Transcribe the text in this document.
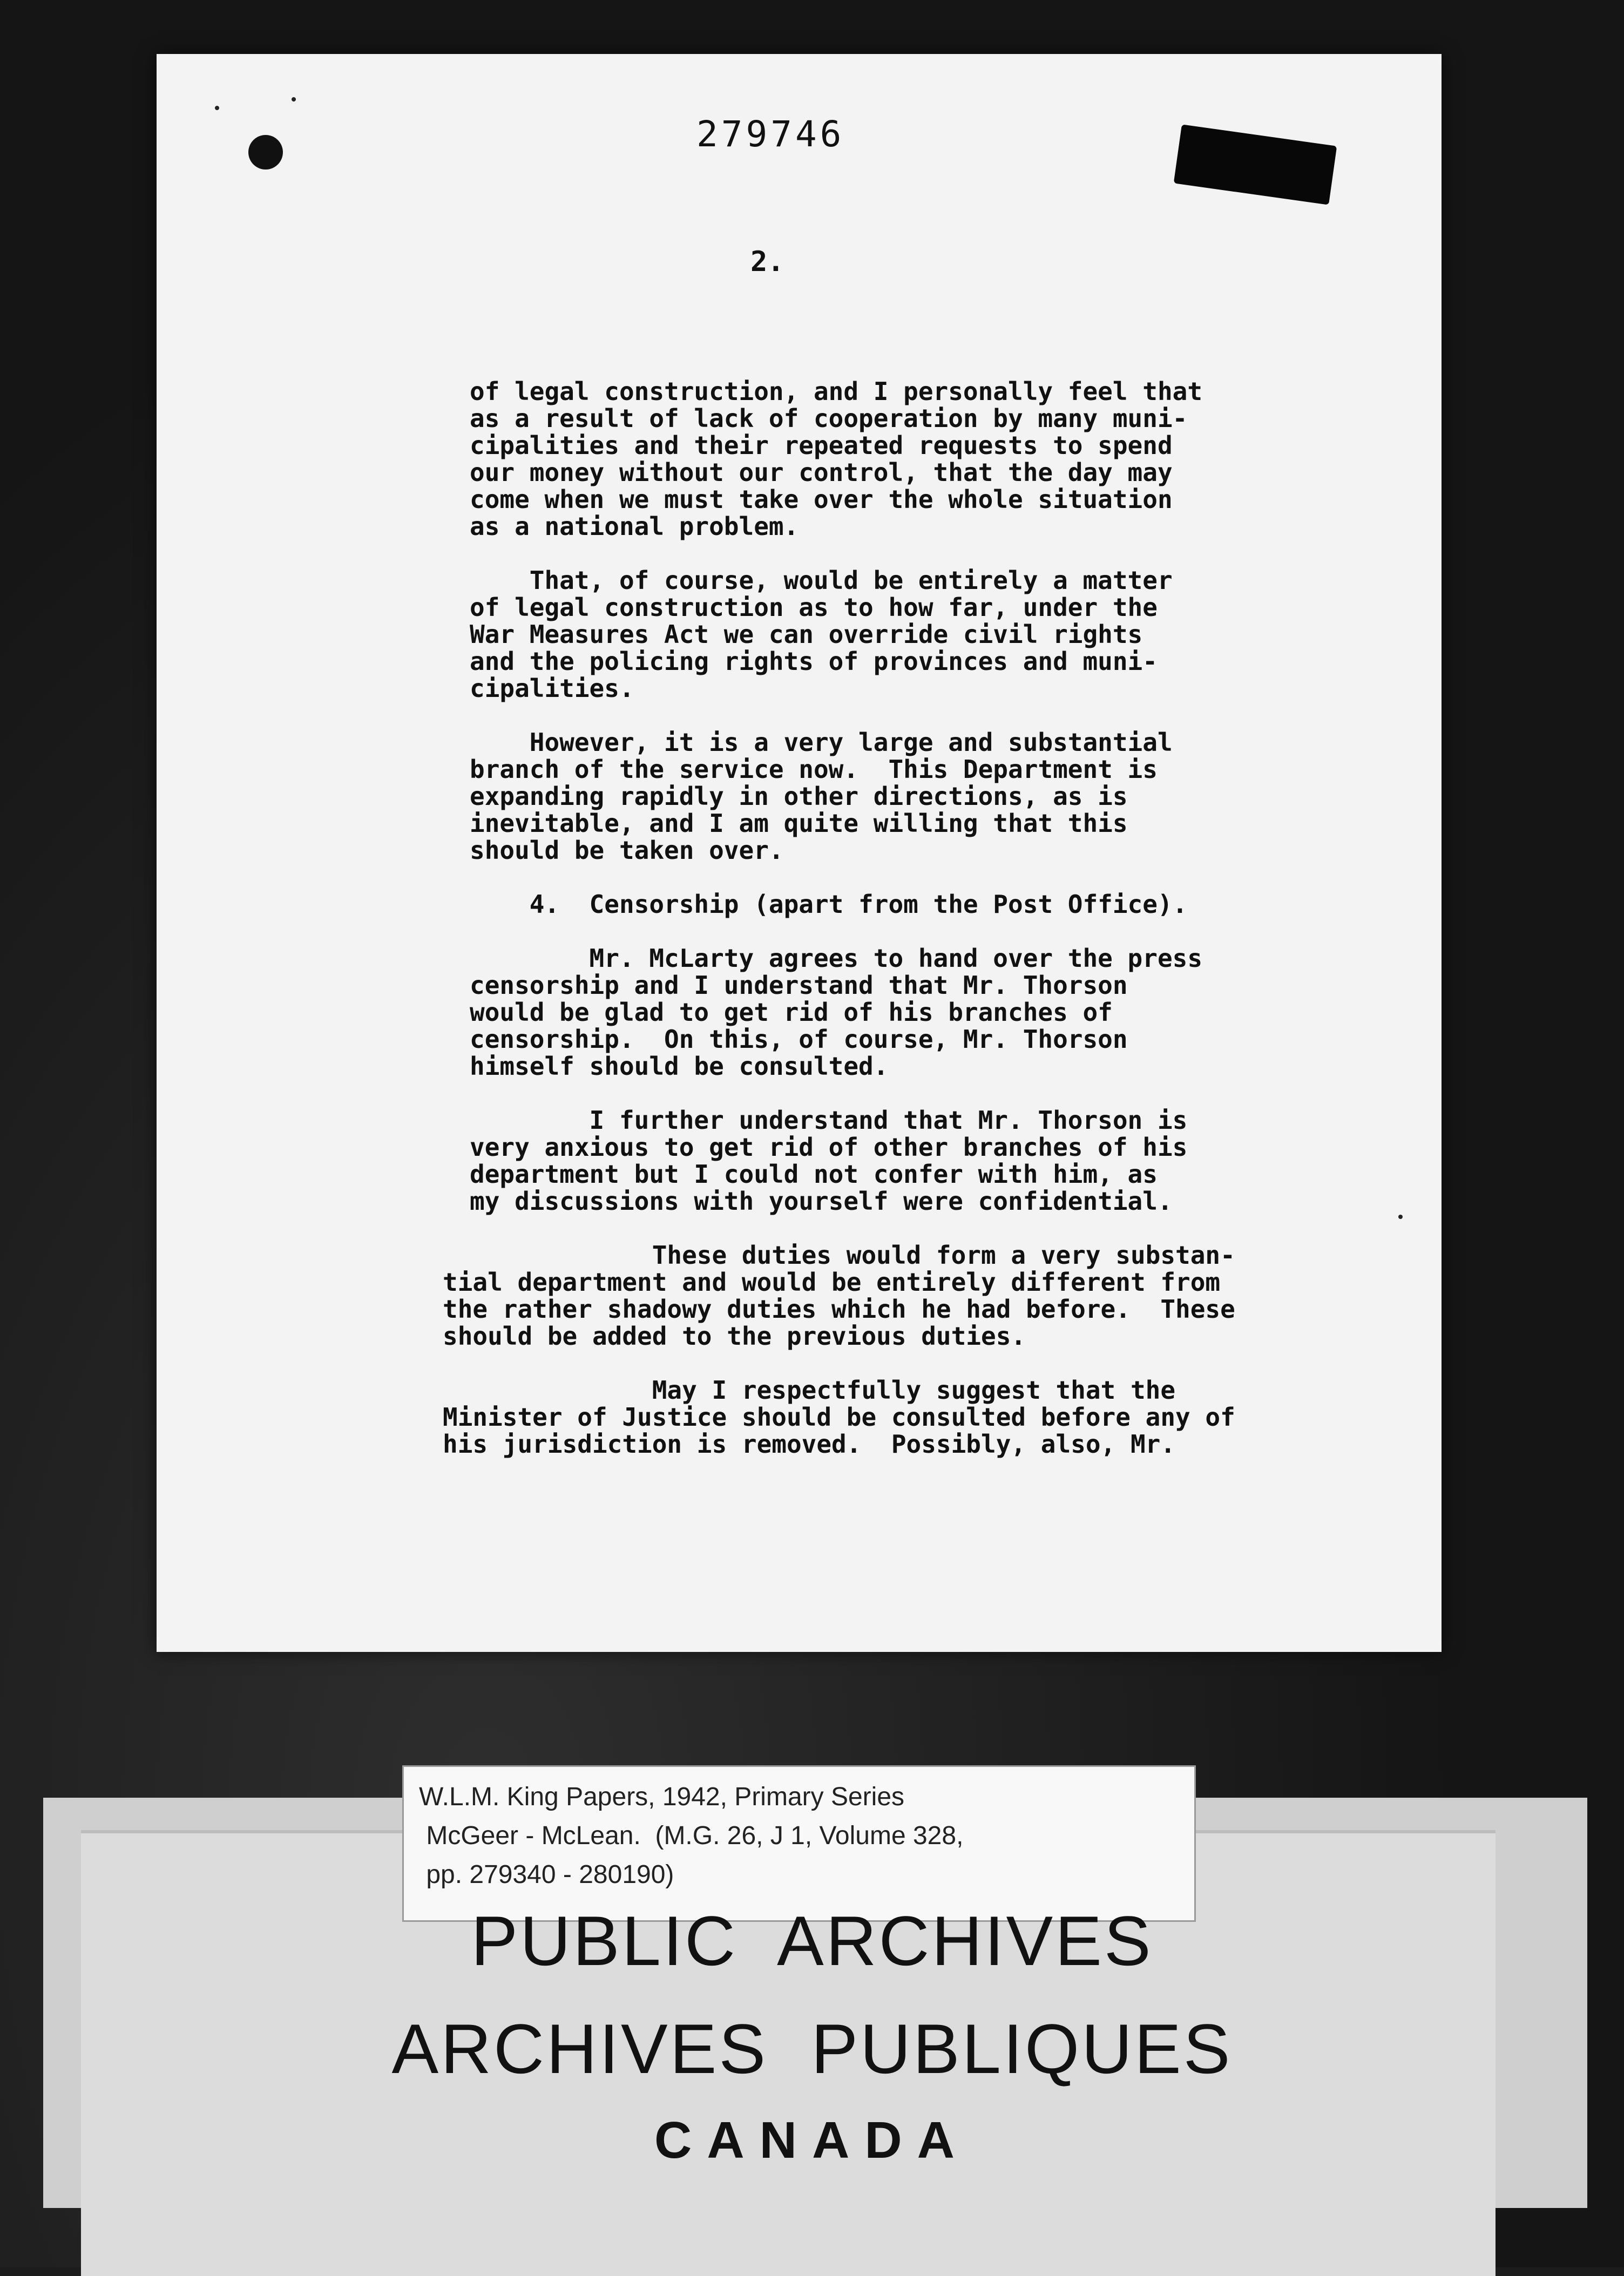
279746
2.
of legal construction, and I personally feel that
as a result of lack of cooperation by many muni-
cipalities and their repeated requests to spend
our money without our control, that the day may
come when we must take over the whole situation
as a national problem.
That, of course, would be entirely a matter
of legal construction as to how far, under the
War Measures Act we can override civil rights
and the policing rights of provinces and muni-
cipalities.
However, it is a very large and substantial
branch of the service now.  This Department is
expanding rapidly in other directions, as is
inevitable, and I am quite willing that this
should be taken over.
4.  Censorship (apart from the Post Office).
Mr. McLarty agrees to hand over the press
censorship and I understand that Mr. Thorson
would be glad to get rid of his branches of
censorship.  On this, of course, Mr. Thorson
himself should be consulted.
I further understand that Mr. Thorson is
very anxious to get rid of other branches of his
department but I could not confer with him, as
my discussions with yourself were confidential.
These duties would form a very substan-
tial department and would be entirely different from
the rather shadowy duties which he had before.  These
should be added to the previous duties.
May I respectfully suggest that the
Minister of Justice should be consulted before any of
his jurisdiction is removed.  Possibly, also, Mr.
W.L.M. King Papers, 1942, Primary Series
McGeer - McLean.  (M.G. 26, J 1, Volume 328,
pp. 279340 - 280190)
PUBLIC  ARCHIVES
ARCHIVES  PUBLIQUES
CANADA
